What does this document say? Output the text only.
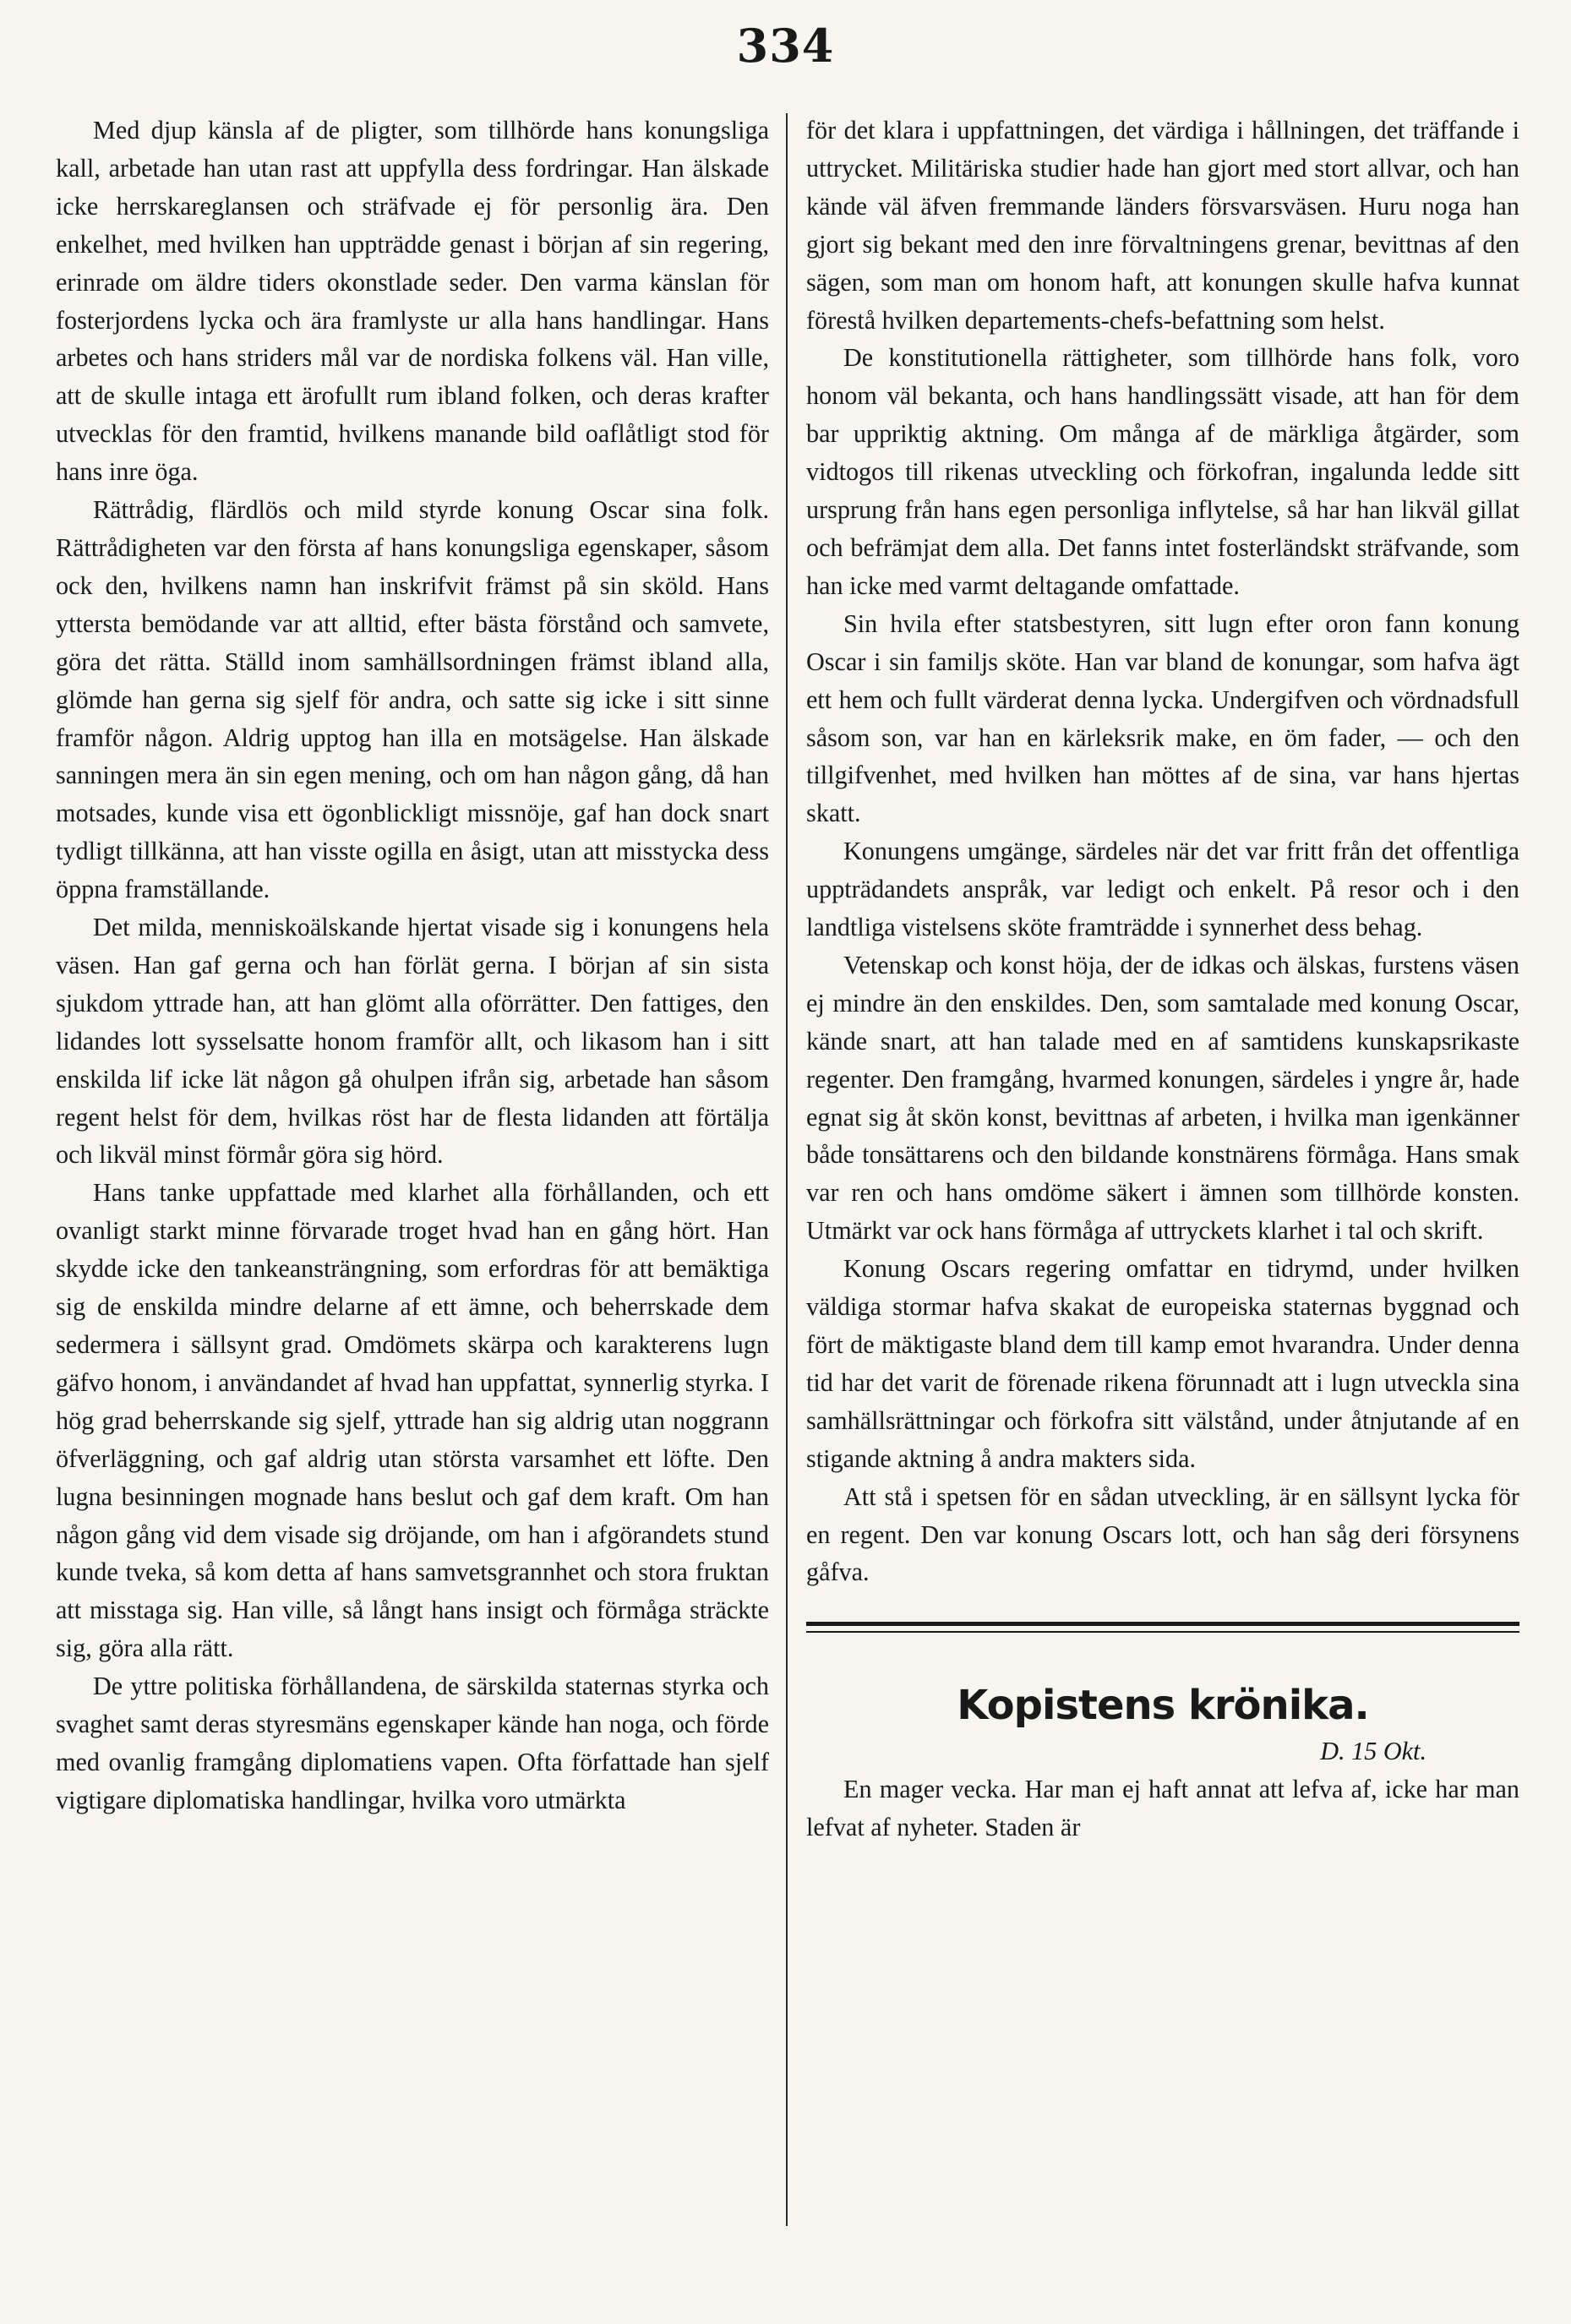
334

Med djup känsla af de pligter, som tillhörde hans konungsliga kall, arbetade han utan rast att uppfylla dess fordringar. Han älskade icke herrskareglansen och sträfvade ej för personlig ära. Den enkelhet, med hvilken han uppträdde genast i början af sin regering, erinrade om äldre tiders okonstlade seder. Den varma känslan för fosterjordens lycka och ära framlyste ur alla hans handlingar. Hans arbetes och hans striders mål var de nordiska folkens väl. Han ville, att de skulle intaga ett ärofullt rum ibland folken, och deras krafter utvecklas för den framtid, hvilkens manande bild oaflåtligt stod för hans inre öga.

Rättrådig, flärdlös och mild styrde konung Oscar sina folk. Rättrådigheten var den första af hans konungsliga egenskaper, såsom ock den, hvilkens namn han inskrifvit främst på sin sköld. Hans yttersta bemödande var att alltid, efter bästa förstånd och samvete, göra det rätta. Ställd inom samhällsordningen främst ibland alla, glömde han gerna sig sjelf för andra, och satte sig icke i sitt sinne framför någon. Aldrig upptog han illa en motsägelse. Han älskade sanningen mera än sin egen mening, och om han någon gång, då han motsades, kunde visa ett ögonblickligt missnöje, gaf han dock snart tydligt tillkänna, att han visste ogilla en åsigt, utan att misstycka dess öppna framställande.

Det milda, menniskoälskande hjertat visade sig i konungens hela väsen. Han gaf gerna och han förlät gerna. I början af sin sista sjukdom yttrade han, att han glömt alla oförrätter. Den fattiges, den lidandes lott sysselsatte honom framför allt, och likasom han i sitt enskilda lif icke lät någon gå ohulpen ifrån sig, arbetade han såsom regent helst för dem, hvilkas röst har de flesta lidanden att förtälja och likväl minst förmår göra sig hörd.

Hans tanke uppfattade med klarhet alla förhållanden, och ett ovanligt starkt minne förvarade troget hvad han en gång hört. Han skydde icke den tankeansträngning, som erfordras för att bemäktiga sig de enskilda mindre delarne af ett ämne, och beherrskade dem sedermera i sällsynt grad. Omdömets skärpa och karakterens lugn gäfvo honom, i användandet af hvad han uppfattat, synnerlig styrka. I hög grad beherrskande sig sjelf, yttrade han sig aldrig utan noggrann öfverläggning, och gaf aldrig utan största varsamhet ett löfte. Den lugna besinningen mognade hans beslut och gaf dem kraft. Om han någon gång vid dem visade sig dröjande, om han i afgörandets stund kunde tveka, så kom detta af hans samvetsgrannhet och stora fruktan att misstaga sig. Han ville, så långt hans insigt och förmåga sträckte sig, göra alla rätt.

De yttre politiska förhållandena, de särskilda staternas styrka och svaghet samt deras styresmäns egenskaper kände han noga, och förde med ovanlig framgång diplomatiens vapen. Ofta författade han sjelf vigtigare diplomatiska handlingar, hvilka voro utmärkta

för det klara i uppfattningen, det värdiga i hållningen, det träffande i uttrycket. Militäriska studier hade han gjort med stort allvar, och han kände väl äfven fremmande länders försvarsväsen. Huru noga han gjort sig bekant med den inre förvaltningens grenar, bevittnas af den sägen, som man om honom haft, att konungen skulle hafva kunnat förestå hvilken departements-chefs-befattning som helst.

De konstitutionella rättigheter, som tillhörde hans folk, voro honom väl bekanta, och hans handlingssätt visade, att han för dem bar uppriktig aktning. Om många af de märkliga åtgärder, som vidtogos till rikenas utveckling och förkofran, ingalunda ledde sitt ursprung från hans egen personliga inflytelse, så har han likväl gillat och befrämjat dem alla. Det fanns intet fosterländskt sträfvande, som han icke med varmt deltagande omfattade.

Sin hvila efter statsbestyren, sitt lugn efter oron fann konung Oscar i sin familjs sköte. Han var bland de konungar, som hafva ägt ett hem och fullt värderat denna lycka. Undergifven och vördnadsfull såsom son, var han en kärleksrik make, en öm fader, — och den tillgifvenhet, med hvilken han möttes af de sina, var hans hjertas skatt.

Konungens umgänge, särdeles när det var fritt från det offentliga uppträdandets anspråk, var ledigt och enkelt. På resor och i den landtliga vistelsens sköte framträdde i synnerhet dess behag.

Vetenskap och konst höja, der de idkas och älskas, furstens väsen ej mindre än den enskildes. Den, som samtalade med konung Oscar, kände snart, att han talade med en af samtidens kunskapsrikaste regenter. Den framgång, hvarmed konungen, särdeles i yngre år, hade egnat sig åt skön konst, bevittnas af arbeten, i hvilka man igenkänner både tonsättarens och den bildande konstnärens förmåga. Hans smak var ren och hans omdöme säkert i ämnen som tillhörde konsten. Utmärkt var ock hans förmåga af uttryckets klarhet i tal och skrift.

Konung Oscars regering omfattar en tidrymd, under hvilken väldiga stormar hafva skakat de europeiska staternas byggnad och fört de mäktigaste bland dem till kamp emot hvarandra. Under denna tid har det varit de förenade rikena förunnadt att i lugn utveckla sina samhällsrättningar och förkofra sitt välstånd, under åtnjutande af en stigande aktning å andra makters sida.

Att stå i spetsen för en sådan utveckling, är en sällsynt lycka för en regent. Den var konung Oscars lott, och han såg deri försynens gåfva.

Kopistens krönika.
D. 15 Okt.

En mager vecka. Har man ej haft annat att lefva af, icke har man lefvat af nyheter. Staden är
